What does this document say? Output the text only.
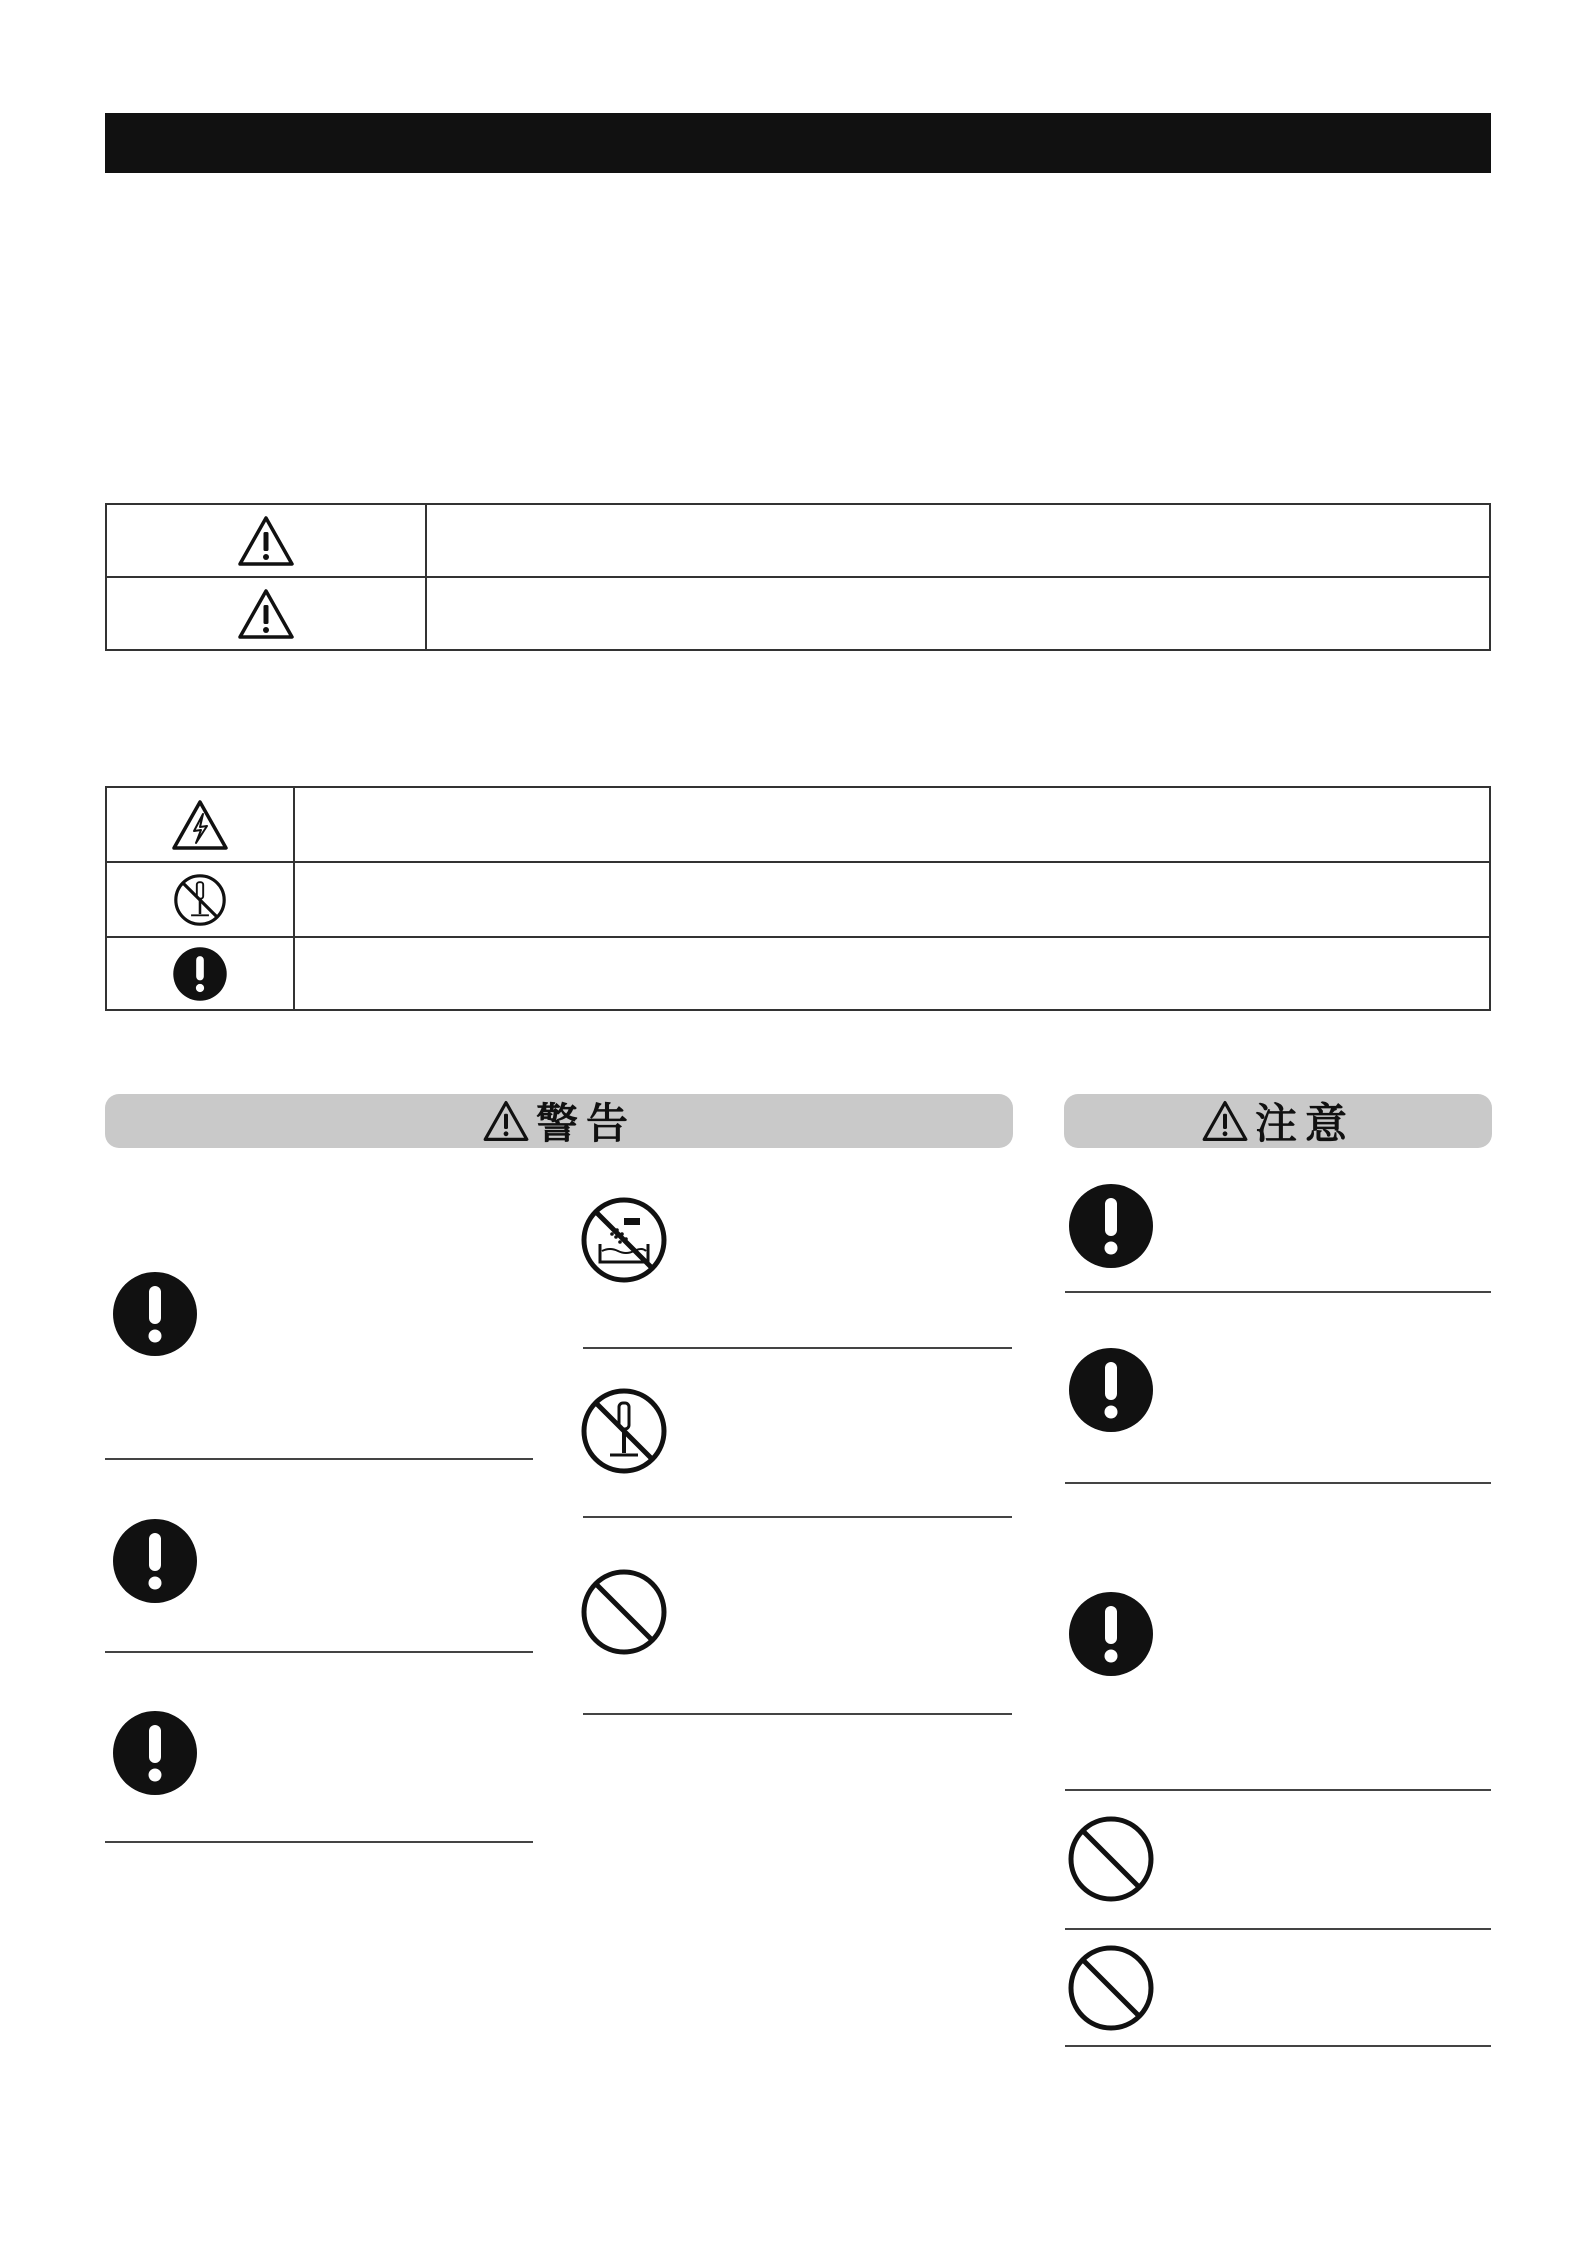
警告	注意
